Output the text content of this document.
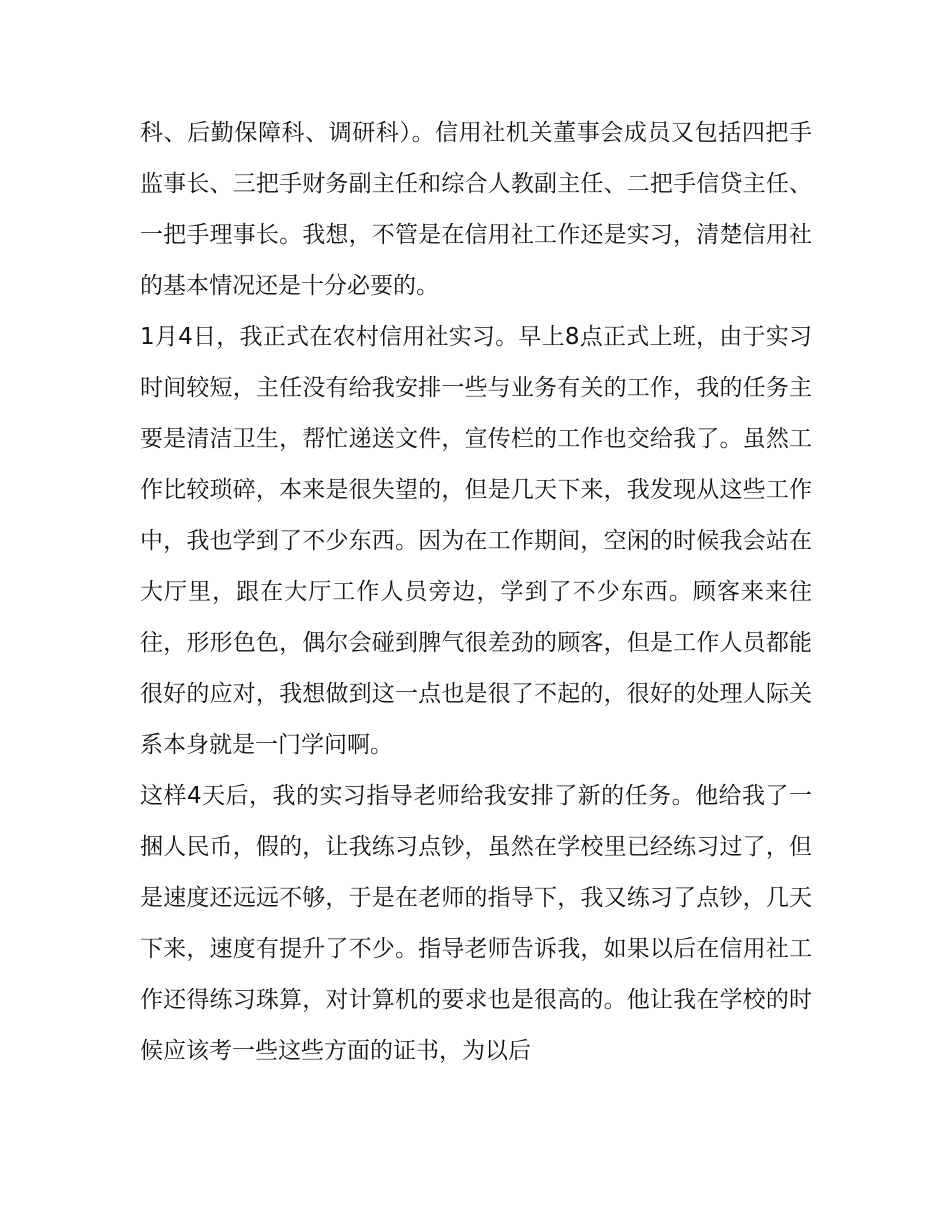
科、后勤保障科、调研科）。信用社机关董事会成员又包括四把手监事长、三把手财务副主任和综合人教副主任、二把手信贷主任、一把手理事长。我想，不管是在信用社工作还是实习，清楚信用社的基本情况还是十分必要的。

1月4日，我正式在农村信用社实习。早上8点正式上班，由于实习时间较短，主任没有给我安排一些与业务有关的工作，我的任务主要是清洁卫生，帮忙递送文件，宣传栏的工作也交给我了。虽然工作比较琐碎，本来是很失望的，但是几天下来，我发现从这些工作中，我也学到了不少东西。因为在工作期间，空闲的时候我会站在大厅里，跟在大厅工作人员旁边，学到了不少东西。顾客来来往往，形形色色，偶尔会碰到脾气很差劲的顾客，但是工作人员都能很好的应对，我想做到这一点也是很了不起的，很好的处理人际关系本身就是一门学问啊。

这样4天后，我的实习指导老师给我安排了新的任务。他给我了一捆人民币，假的，让我练习点钞，虽然在学校里已经练习过了，但是速度还远远不够，于是在老师的指导下，我又练习了点钞，几天下来，速度有提升了不少。指导老师告诉我，如果以后在信用社工作还得练习珠算，对计算机的要求也是很高的。他让我在学校的时候应该考一些这些方面的证书，为以后
